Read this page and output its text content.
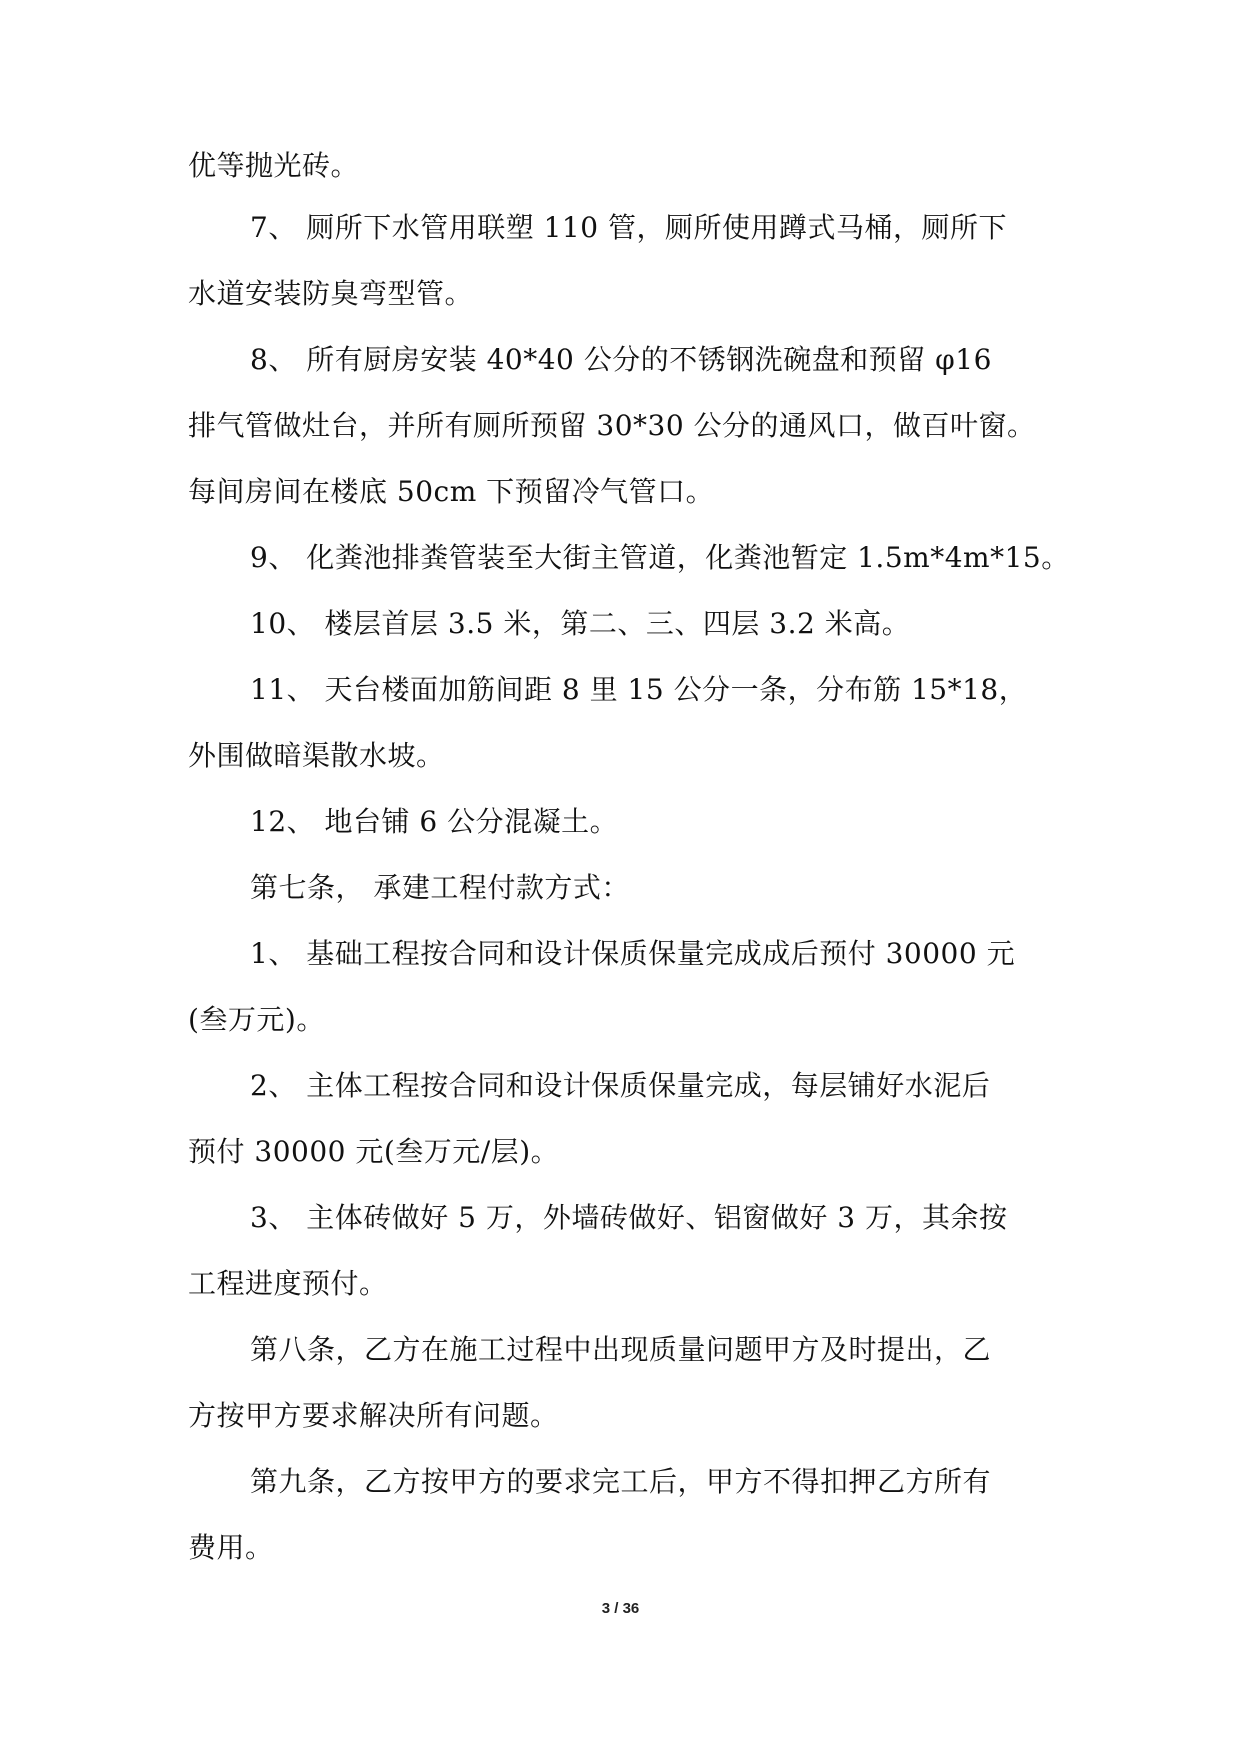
优等抛光砖。
7、 厕所下水管用联塑 110 管，厕所使用蹲式马桶，厕所下
水道安装防臭弯型管。
8、 所有厨房安装 40*40 公分的不锈钢洗碗盘和预留 φ16
排气管做灶台，并所有厕所预留 30*30 公分的通风口，做百叶窗。
每间房间在楼底 50cm 下预留冷气管口。
9、 化粪池排粪管装至大街主管道，化粪池暂定 1.5m*4m*15。
10、 楼层首层 3.5 米，第二、三、四层 3.2 米高。
11、 天台楼面加筋间距 8 里 15 公分一条，分布筋 15*18，
外围做暗渠散水坡。
12、 地台铺 6 公分混凝土。
第七条， 承建工程付款方式：
1、 基础工程按合同和设计保质保量完成成后预付 30000 元
(叁万元)。
2、 主体工程按合同和设计保质保量完成，每层铺好水泥后
预付 30000 元(叁万元/层)。
3、 主体砖做好 5 万，外墙砖做好、铝窗做好 3 万，其余按
工程进度预付。
第八条，乙方在施工过程中出现质量问题甲方及时提出，乙
方按甲方要求解决所有问题。
第九条，乙方按甲方的要求完工后，甲方不得扣押乙方所有
费用。
3 / 36
